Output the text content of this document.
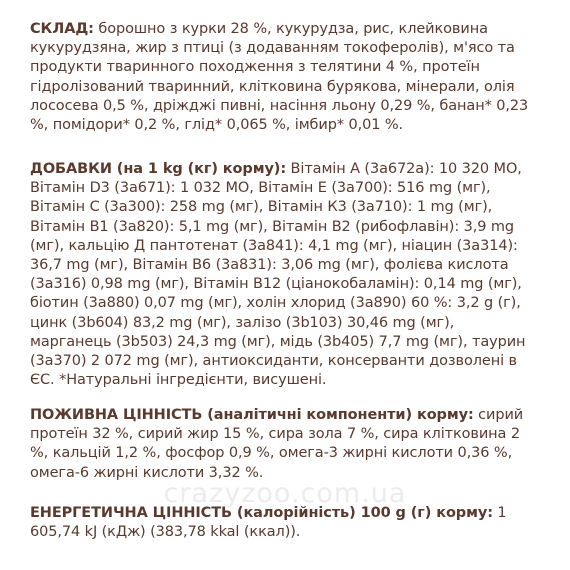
СКЛАД: борошно з курки 28 %, кукурудза, рис, клейковина кукурудзяна, жир з птиці (з додаванням токоферолів), м'ясо та продукти тваринного походження з телятини 4 %, протеїн гідролізований тваринний, клітковина бурякова, мінерали, олія лососева 0,5 %, дріжджі пивні, насіння льону 0,29 %, банан* 0,23 %, помідори* 0,2 %, глід* 0,065 %, імбир* 0,01 %.

ДОБАВКИ (на 1 kg (кг) корму): Вітамін А (3а672а): 10 320 МО, Вітамін D3 (3а671): 1 032 МО, Вітамін Е (3а700): 516 mg (мг), Вітамін С (3а300): 258 mg (мг), Вітамін К3 (3а710): 1 mg (мг), Вітамін В1 (3а820): 5,1 mg (мг), Вітамін В2 (рибофлавін): 3,9 mg (мг), кальцію Д пантотенат (3а841): 4,1 mg (мг), ніацин (3а314): 36,7 mg (мг), Вітамін В6 (3а831): 3,06 mg (мг), фолієва кислота (3а316) 0,98 mg (мг), Вітамін В12 (ціанокобаламін): 0,14 mg (мг), біотин (3а880) 0,07 mg (мг), холін хлорид (3а890) 60 %: 3,2 g (г), цинк (3b604) 83,2 mg (мг), залізо (3b103) 30,46 mg (мг), марганець (3b503) 24,3 mg (мг), мідь (3b405) 7,7 mg (мг), таурин (3а370) 2 072 mg (мг), антиоксиданти, консерванти дозволені в ЄС. *Натуральні інгредієнти, висушені.

ПОЖИВНА ЦІННІСТЬ (аналітичні компоненти) корму: сирий протеїн 32 %, сирий жир 15 %, сира зола 7 %, сира клітковина 2 %, кальцій 1,2 %, фосфор 0,9 %, омега-3 жирні кислоти 0,36 %, омега-6 жирні кислоти 3,32 %.

ЕНЕРГЕТИЧНА ЦІННІСТЬ (калорійність) 100 g (г) корму: 1 605,74 kJ (кДж) (383,78 kkal (ккал)).

crazyzoo.com.ua
